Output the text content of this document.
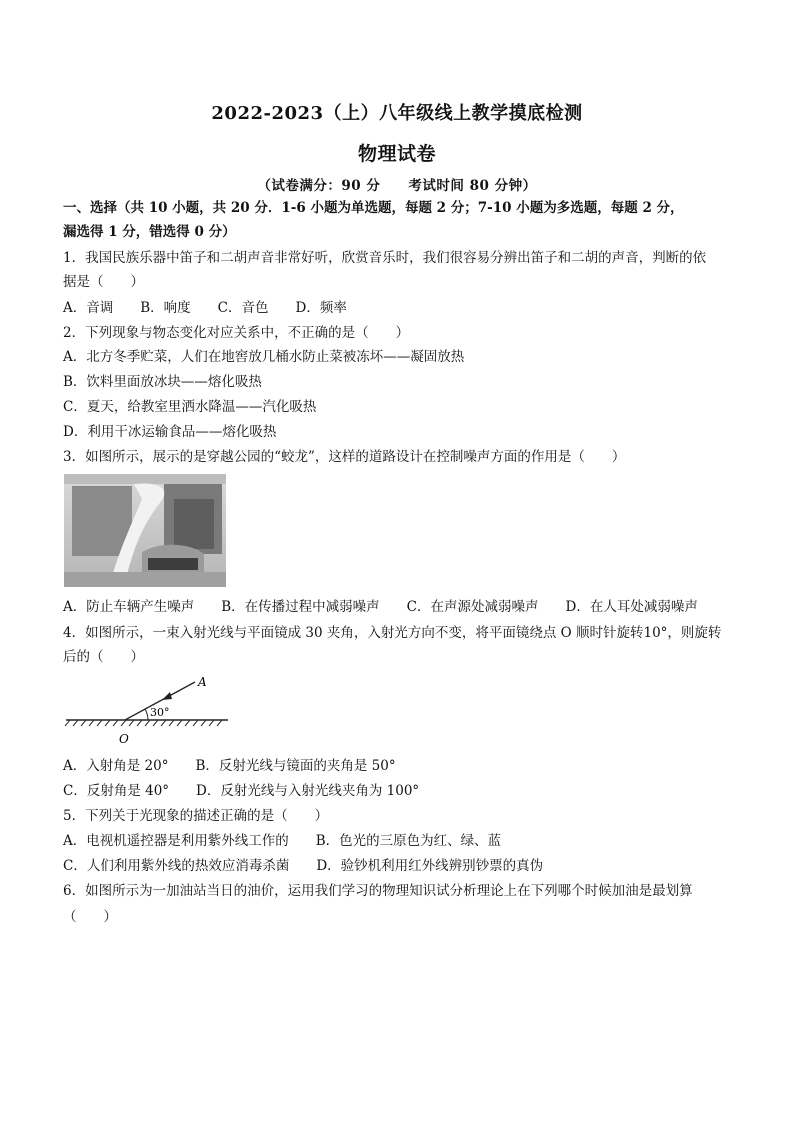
2022-2023（上）八年级线上教学摸底检测
物理试卷
（试卷满分：90 分　　考试时间 80 分钟）
一、选择（共 10 小题，共 20 分．1-6 小题为单选题，每题 2 分；7-10 小题为多选题，每题 2 分，
漏选得 1 分，错选得 0 分）
1．我国民族乐器中笛子和二胡声音非常好听，欣赏音乐时，我们很容易分辨出笛子和二胡的声音，判断的依
据是（　　）
A．音调　　B．响度　　C．音色　　D．频率
2．下列现象与物态变化对应关系中，不正确的是（　　）
A．北方冬季贮菜，人们在地窖放几桶水防止菜被冻坏——凝固放热
B．饮料里面放冰块——熔化吸热
C．夏天，给教室里洒水降温——汽化吸热
D．利用干冰运输食品——熔化吸热
3．如图所示，展示的是穿越公园的“蛟龙”，这样的道路设计在控制噪声方面的作用是（　　）
A．防止车辆产生噪声　　B．在传播过程中减弱噪声　　C．在声源处减弱噪声　　D．在人耳处减弱噪声
4．如图所示，一束入射光线与平面镜成 30 夹角，入射光方向不变，将平面镜绕点 O 顺时针旋转10°，则旋转
后的（　　）
A
30°
O
A．入射角是 20°　　B．反射光线与镜面的夹角是 50°
C．反射角是 40°　　D．反射光线与入射光线夹角为 100°
5．下列关于光现象的描述正确的是（　　）
A．电视机遥控器是利用紫外线工作的　　B．色光的三原色为红、绿、蓝
C．人们利用紫外线的热效应消毒杀菌　　D．验钞机利用红外线辨别钞票的真伪
6．如图所示为一加油站当日的油价，运用我们学习的物理知识试分析理论上在下列哪个时候加油是最划算
（　　）
